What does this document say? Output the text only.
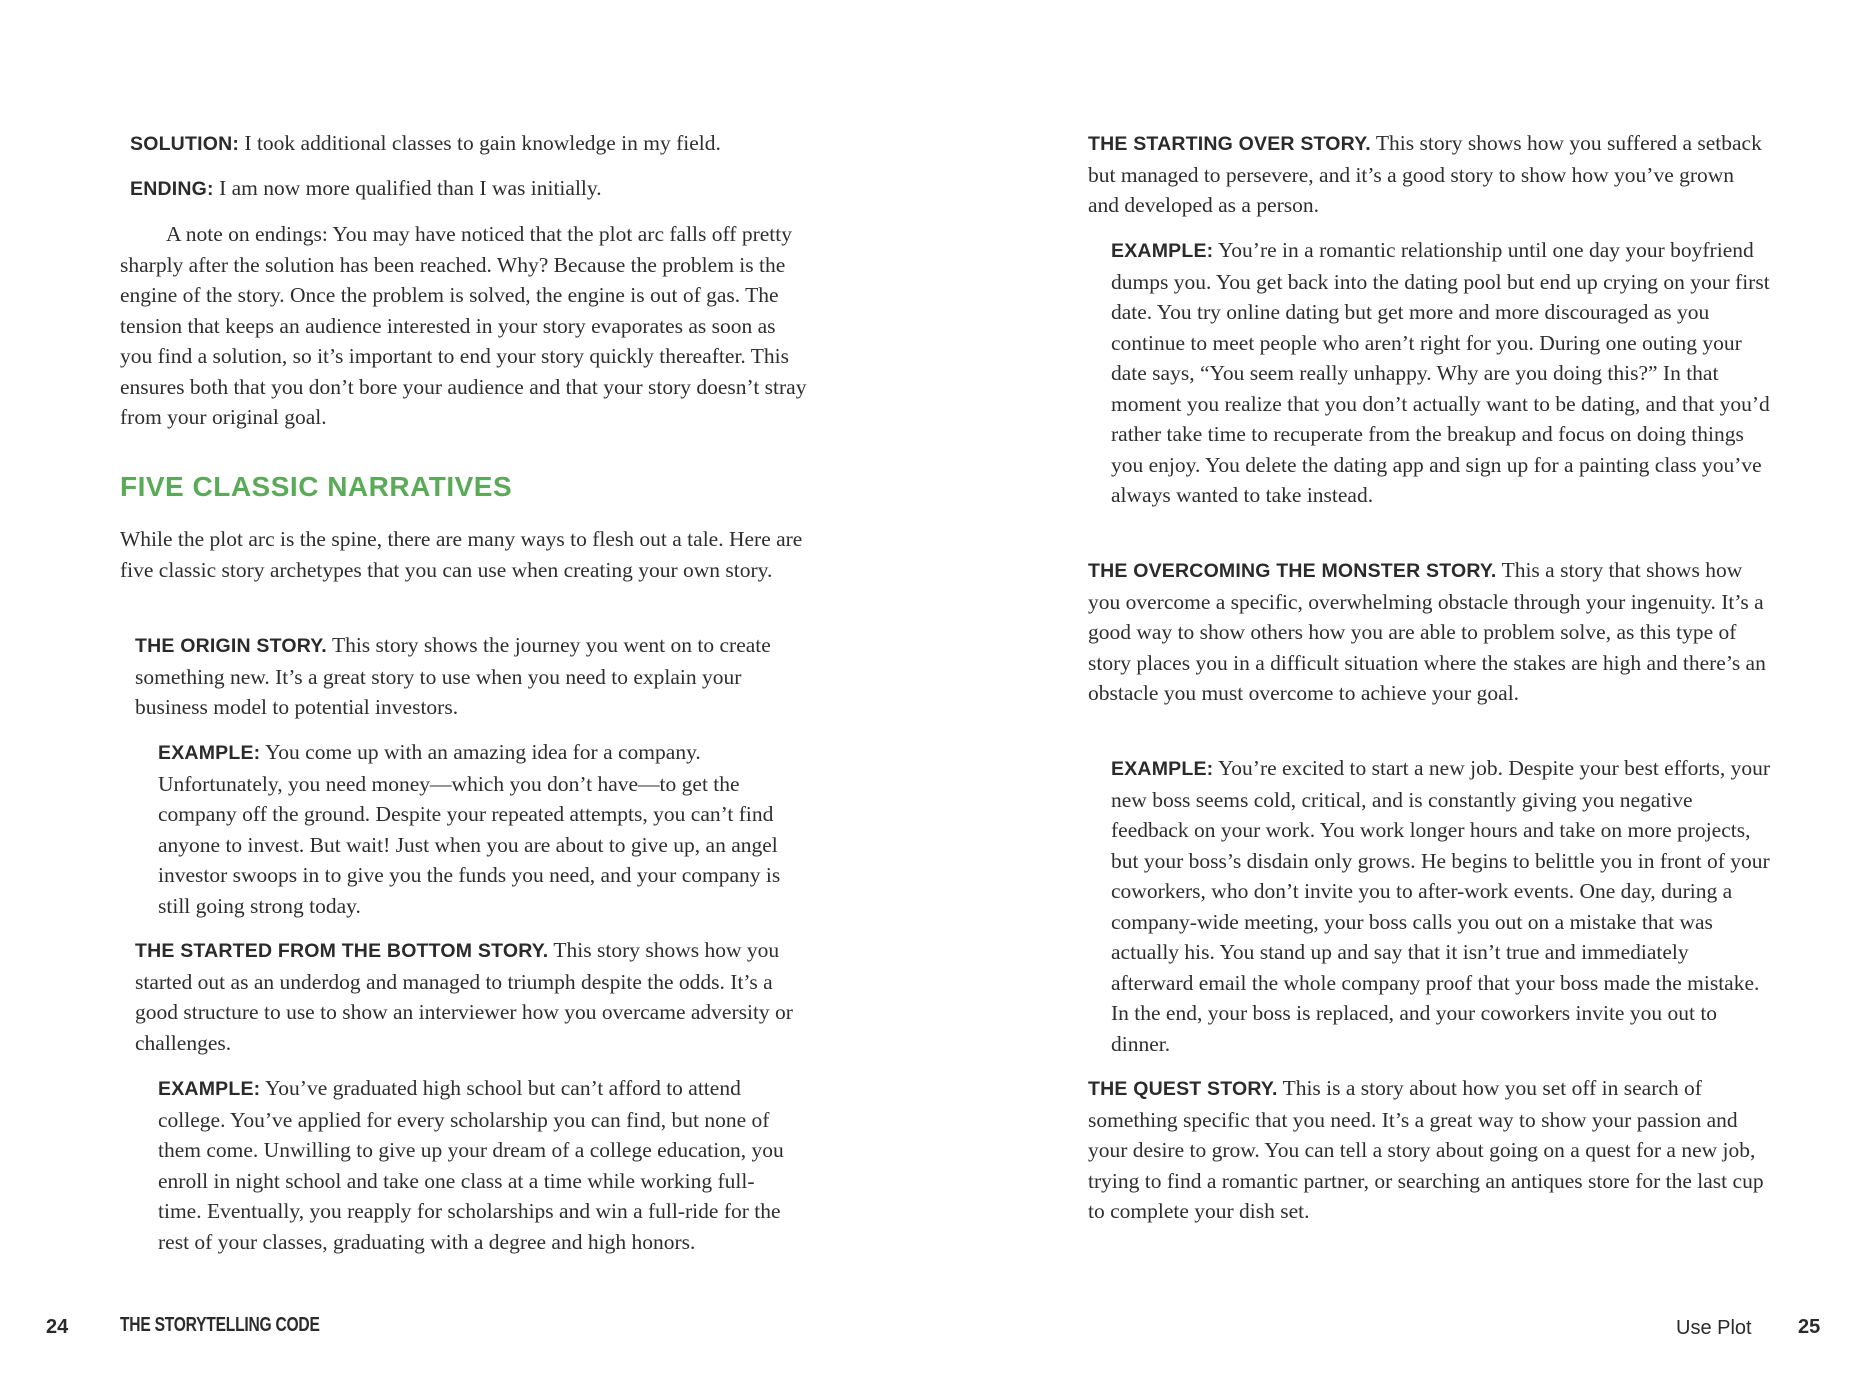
SOLUTION: I took additional classes to gain knowledge in my field.

ENDING: I am now more qualified than I was initially.

A note on endings: You may have noticed that the plot arc falls off pretty sharply after the solution has been reached. Why? Because the problem is the engine of the story. Once the problem is solved, the engine is out of gas. The tension that keeps an audience interested in your story evaporates as soon as you find a solution, so it’s important to end your story quickly thereafter. This ensures both that you don’t bore your audience and that your story doesn’t stray from your original goal.

FIVE CLASSIC NARRATIVES

While the plot arc is the spine, there are many ways to flesh out a tale. Here are five classic story archetypes that you can use when creating your own story.

THE ORIGIN STORY. This story shows the journey you went on to create something new. It’s a great story to use when you need to explain your business model to potential investors.

EXAMPLE: You come up with an amazing idea for a company. Unfortunately, you need money—which you don’t have—to get the company off the ground. Despite your repeated attempts, you can’t find anyone to invest. But wait! Just when you are about to give up, an angel investor swoops in to give you the funds you need, and your company is still going strong today.

THE STARTED FROM THE BOTTOM STORY. This story shows how you started out as an underdog and managed to triumph despite the odds. It’s a good structure to use to show an interviewer how you overcame adversity or challenges.

EXAMPLE: You’ve graduated high school but can’t afford to attend college. You’ve applied for every scholarship you can find, but none of them come. Unwilling to give up your dream of a college education, you enroll in night school and take one class at a time while working full-time. Eventually, you reapply for scholarships and win a full-ride for the rest of your classes, graduating with a degree and high honors.

24	THE STORYTELLING CODE

THE STARTING OVER STORY. This story shows how you suffered a setback but managed to persevere, and it’s a good story to show how you’ve grown and developed as a person.

EXAMPLE: You’re in a romantic relationship until one day your boyfriend dumps you. You get back into the dating pool but end up crying on your first date. You try online dating but get more and more discouraged as you continue to meet people who aren’t right for you. During one outing your date says, “You seem really unhappy. Why are you doing this?” In that moment you realize that you don’t actually want to be dating, and that you’d rather take time to recuperate from the breakup and focus on doing things you enjoy. You delete the dating app and sign up for a painting class you’ve always wanted to take instead.

THE OVERCOMING THE MONSTER STORY. This a story that shows how you overcome a specific, overwhelming obstacle through your ingenuity. It’s a good way to show others how you are able to problem solve, as this type of story places you in a difficult situation where the stakes are high and there’s an obstacle you must overcome to achieve your goal.

EXAMPLE: You’re excited to start a new job. Despite your best efforts, your new boss seems cold, critical, and is constantly giving you negative feedback on your work. You work longer hours and take on more projects, but your boss’s disdain only grows. He begins to belittle you in front of your coworkers, who don’t invite you to after-work events. One day, during a company-wide meeting, your boss calls you out on a mistake that was actually his. You stand up and say that it isn’t true and immediately afterward email the whole company proof that your boss made the mistake. In the end, your boss is replaced, and your coworkers invite you out to dinner.

THE QUEST STORY. This is a story about how you set off in search of something specific that you need. It’s a great way to show your passion and your desire to grow. You can tell a story about going on a quest for a new job, trying to find a romantic partner, or searching an antiques store for the last cup to complete your dish set.

Use Plot 25
